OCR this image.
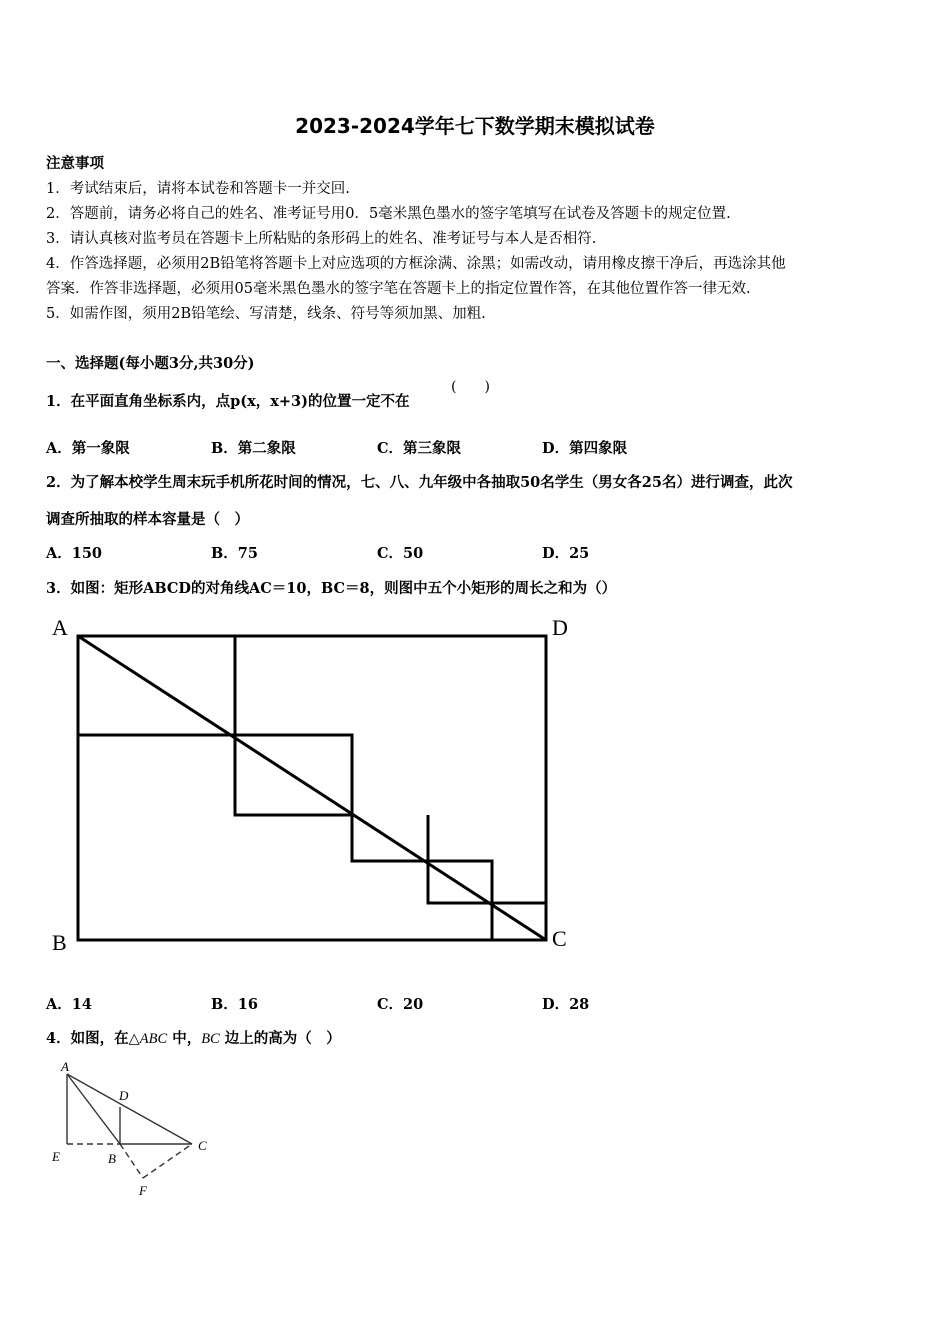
2023-2024学年七下数学期末模拟试卷
注意事项
1．考试结束后，请将本试卷和答题卡一并交回.
2．答题前，请务必将自己的姓名、准考证号用0．5毫米黑色墨水的签字笔填写在试卷及答题卡的规定位置.
3．请认真核对监考员在答题卡上所粘贴的条形码上的姓名、准考证号与本人是否相符.
4．作答选择题，必须用2B铅笔将答题卡上对应选项的方框涂满、涂黑；如需改动，请用橡皮擦干净后，再选涂其他
答案．作答非选择题，必须用05毫米黑色墨水的签字笔在答题卡上的指定位置作答，在其他位置作答一律无效.
5．如需作图，须用2B铅笔绘、写清楚，线条、符号等须加黑、加粗.
一、选择题(每小题3分,共30分)
1．在平面直角坐标系内，点p(x，x+3)的位置一定不在
(　　)
A．第一象限	B．第二象限	C．第三象限	D．第四象限
2．为了解本校学生周末玩手机所花时间的情况，七、八、九年级中各抽取50名学生（男女各25名）进行调查，此次
调查所抽取的样本容量是（　）
A．150	B．75	C．50	D．25
3．如图：矩形ABCD的对角线AC＝10，BC＝8，则图中五个小矩形的周长之和为（）
A	D
B	C
A．14	B．16	C．20	D．28
4．如图，在△ABC 中，BC 边上的高为（　）
A
D
E	B
C
F
